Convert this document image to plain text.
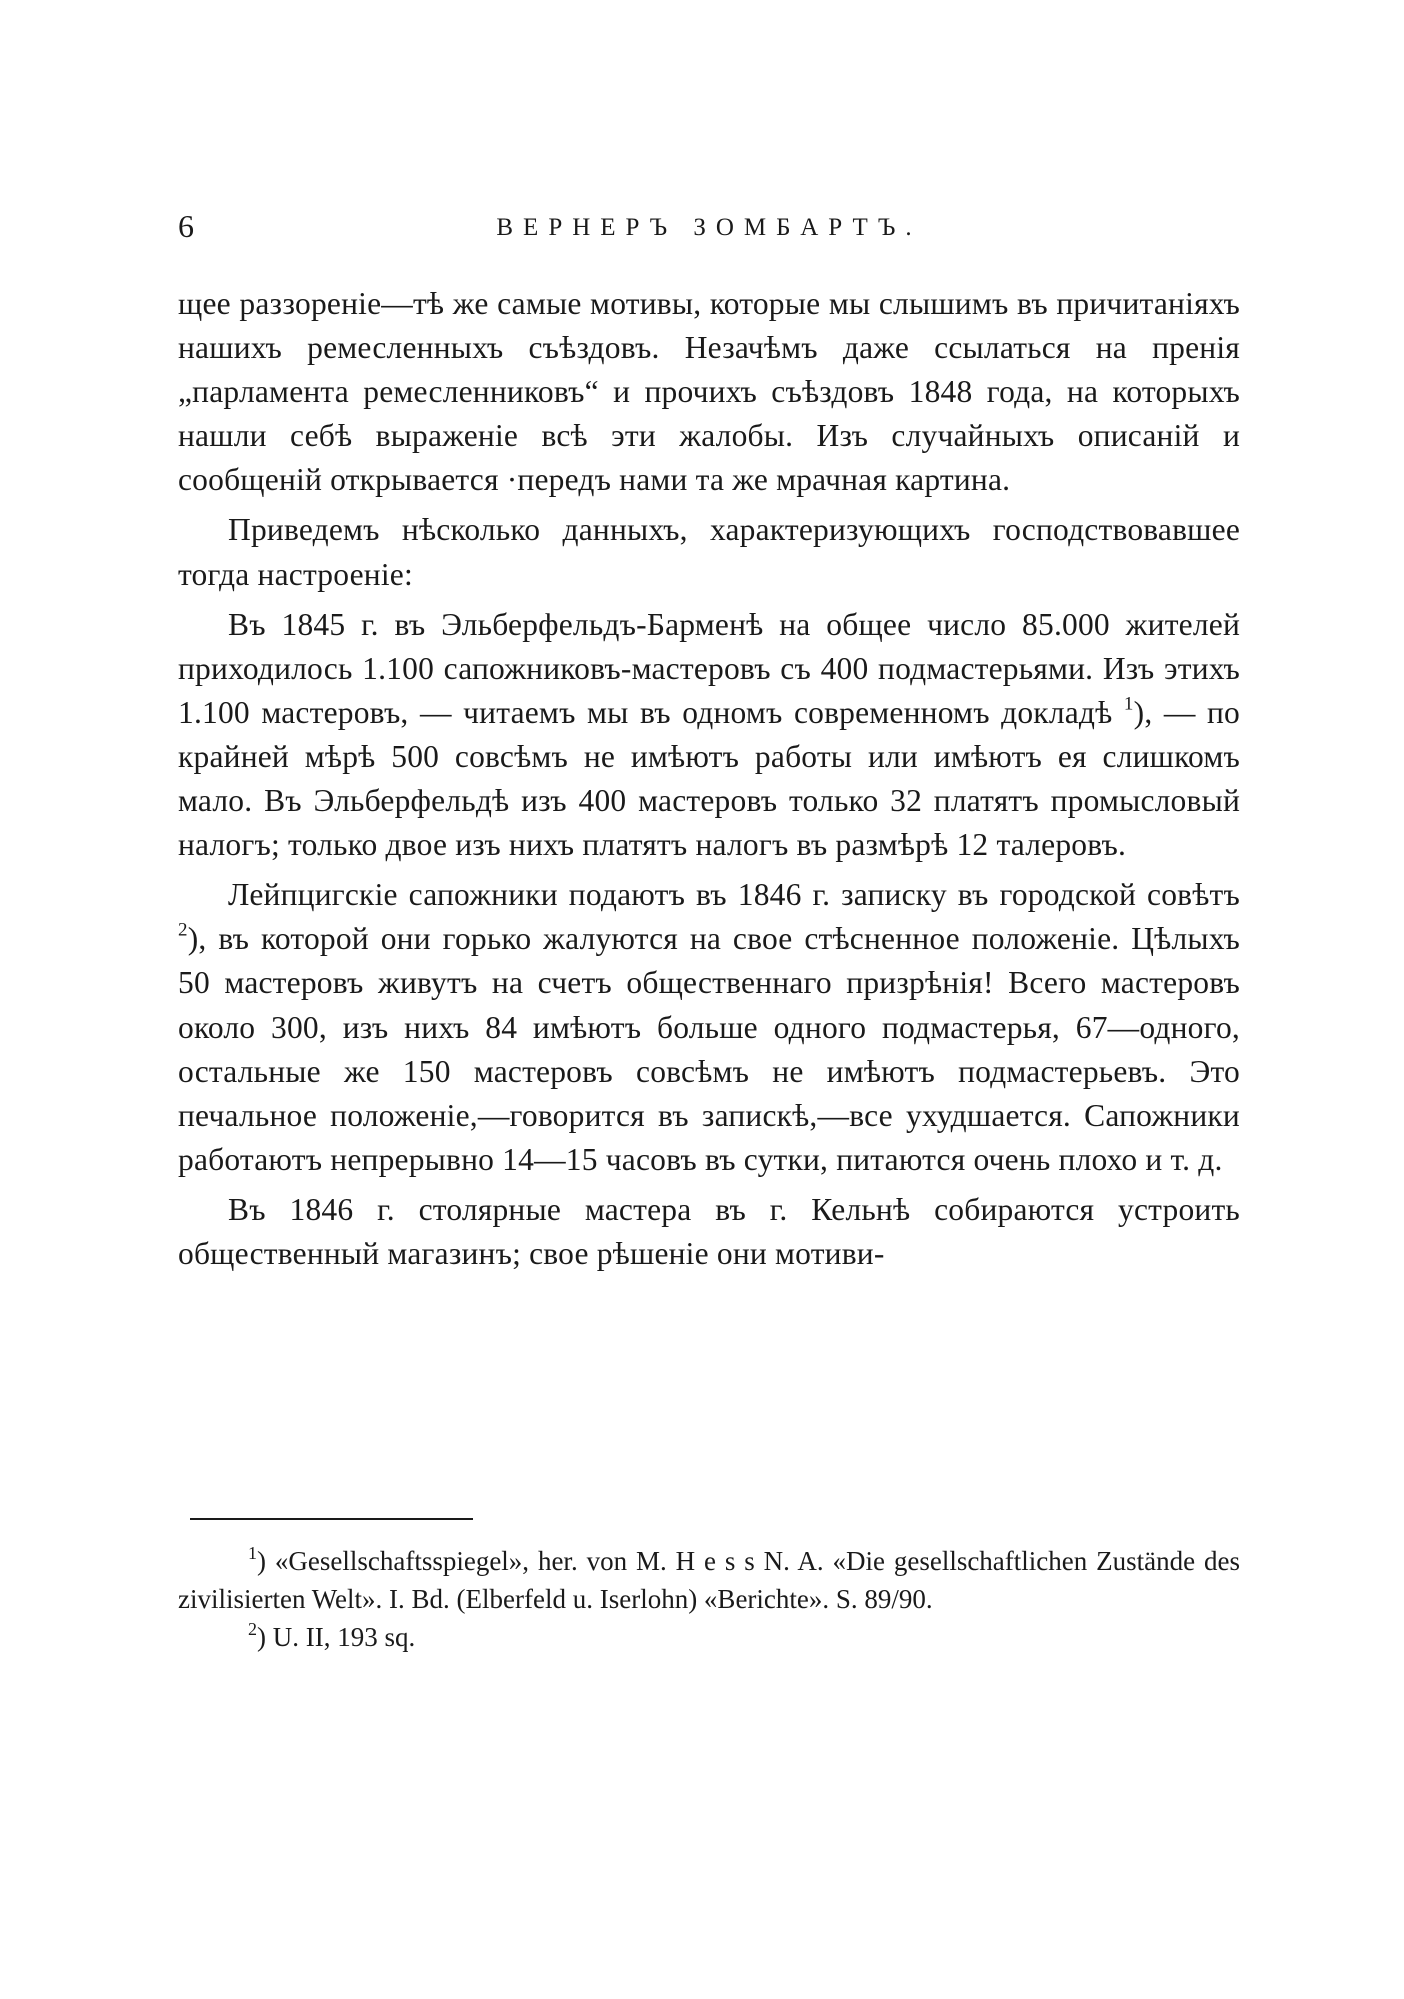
6	ВЕРНЕРЪ ЗОМБАРТЪ.

щее раззореніе—тѣ же самые мотивы, которые мы слышимъ въ причитаніяхъ нашихъ ремесленныхъ съѣздовъ. Незачѣмъ даже ссылаться на пренія „парламента ремесленниковъ“ и прочихъ съѣздовъ 1848 года, на которыхъ нашли себѣ выраженіе всѣ эти жалобы. Изъ случайныхъ описаній и сообщеній открывается ·передъ нами та же мрачная картина.

Приведемъ нѣсколько данныхъ, характеризующихъ господствовавшее тогда настроеніе:

Въ 1845 г. въ Эльберфельдъ-Барменѣ на общее число 85.000 жителей приходилось 1.100 сапожниковъ-мастеровъ съ 400 подмастерьями. Изъ этихъ 1.100 мастеровъ, — читаемъ мы въ одномъ современномъ докладѣ $^1$), — по крайней мѣрѣ 500 совсѣмъ не имѣютъ работы или имѣютъ ея слишкомъ мало. Въ Эльберфельдѣ изъ 400 мастеровъ только 32 платятъ промысловый налогъ; только двое изъ нихъ платятъ налогъ въ размѣрѣ 12 талеровъ.

Лейпцигскіе сапожники подаютъ въ 1846 г. записку въ городской совѣтъ $^2$), въ которой они горько жалуются на свое стѣсненное положеніе. Цѣлыхъ 50 мастеровъ живутъ на счетъ общественнаго призрѣнія! Всего мастеровъ около 300, изъ нихъ 84 имѣютъ больше одного подмастерья, 67—одного, остальные же 150 мастеровъ совсѣмъ не имѣютъ подмастерьевъ. Это печальное положеніе,—говорится въ запискѣ,—все ухудшается. Сапожники работаютъ непрерывно 14—15 часовъ въ сутки, питаются очень плохо и т. д.

Въ 1846 г. столярные мастера въ г. Кельнѣ собираются устроить общественный магазинъ; свое рѣшеніе они мотиви-

$^1$) «Gesellschaftsspiegel», her. von M. H e s s N. A. «Die gesellschaftlichen Zustände des zivilisierten Welt». I. Bd. (Elberfeld u. Iserlohn) «Berichte». S. 89/90.

$^2$) U. II, 193 sq.
